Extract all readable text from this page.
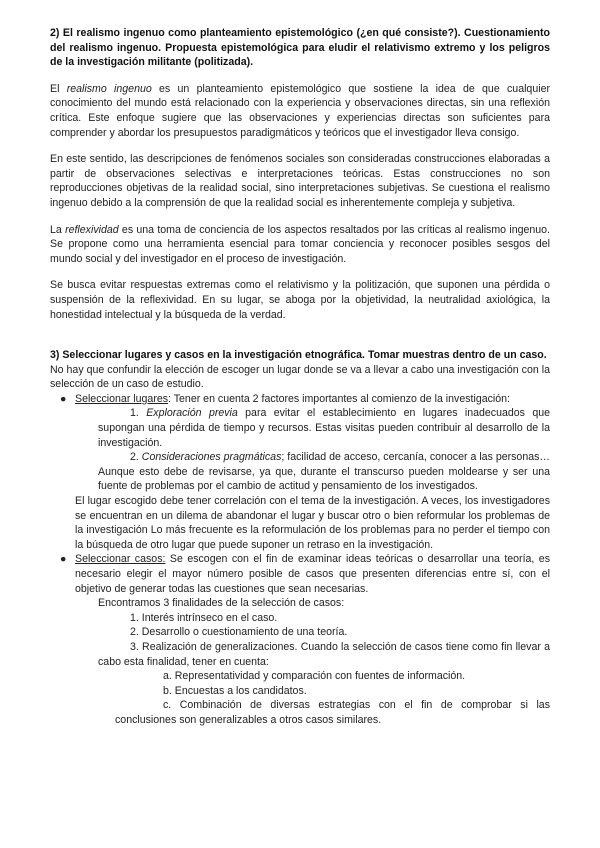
2) El realismo ingenuo como planteamiento epistemológico (¿en qué consiste?). Cuestionamiento del realismo ingenuo. Propuesta epistemológica para eludir el relativismo extremo y los peligros de la investigación militante (politizada).

El realismo ingenuo es un planteamiento epistemológico que sostiene la idea de que cualquier conocimiento del mundo está relacionado con la experiencia y observaciones directas, sin una reflexión crítica. Este enfoque sugiere que las observaciones y experiencias directas son suficientes para comprender y abordar los presupuestos paradigmáticos y teóricos que el investigador lleva consigo.

En este sentido, las descripciones de fenómenos sociales son consideradas construcciones elaboradas a partir de observaciones selectivas e interpretaciones teóricas. Estas construcciones no son reproducciones objetivas de la realidad social, sino interpretaciones subjetivas. Se cuestiona el realismo ingenuo debido a la comprensión de que la realidad social es inherentemente compleja y subjetiva.

La reflexividad es una toma de conciencia de los aspectos resaltados por las críticas al realismo ingenuo. Se propone como una herramienta esencial para tomar conciencia y reconocer posibles sesgos del mundo social y del investigador en el proceso de investigación.

Se busca evitar respuestas extremas como el relativismo y la politización, que suponen una pérdida o suspensión de la reflexividad. En su lugar, se aboga por la objetividad, la neutralidad axiológica, la honestidad intelectual y la búsqueda de la verdad.

3) Seleccionar lugares y casos en la investigación etnográfica. Tomar muestras dentro de un caso.

No hay que confundir la elección de escoger un lugar donde se va a llevar a cabo una investigación con la selección de un caso de estudio.

● Seleccionar lugares: Tener en cuenta 2 factores importantes al comienzo de la investigación:

1. Exploración previa para evitar el establecimiento en lugares inadecuados que supongan una pérdida de tiempo y recursos. Estas visitas pueden contribuir al desarrollo de la investigación.

2. Consideraciones pragmáticas; facilidad de acceso, cercanía, conocer a las personas… Aunque esto debe de revisarse, ya que, durante el transcurso pueden moldearse y ser una fuente de problemas por el cambio de actitud y pensamiento de los investigados.

El lugar escogido debe tener correlación con el tema de la investigación. A veces, los investigadores se encuentran en un dilema de abandonar el lugar y buscar otro o bien reformular los problemas de la investigación Lo más frecuente es la reformulación de los problemas para no perder el tiempo con la búsqueda de otro lugar que puede suponer un retraso en la investigación.

● Seleccionar casos: Se escogen con el fin de examinar ideas teóricas o desarrollar una teoría, es necesario elegir el mayor número posible de casos que presenten diferencias entre sí, con el objetivo de generar todas las cuestiones que sean necesarias.

Encontramos 3 finalidades de la selección de casos:

1. Interés intrínseco en el caso.

2. Desarrollo o cuestionamiento de una teoría.

3. Realización de generalizaciones. Cuando la selección de casos tiene como fin llevar a cabo esta finalidad, tener en cuenta:

a. Representatividad y comparación con fuentes de información.

b. Encuestas a los candidatos.

c. Combinación de diversas estrategias con el fin de comprobar si las conclusiones son generalizables a otros casos similares.
